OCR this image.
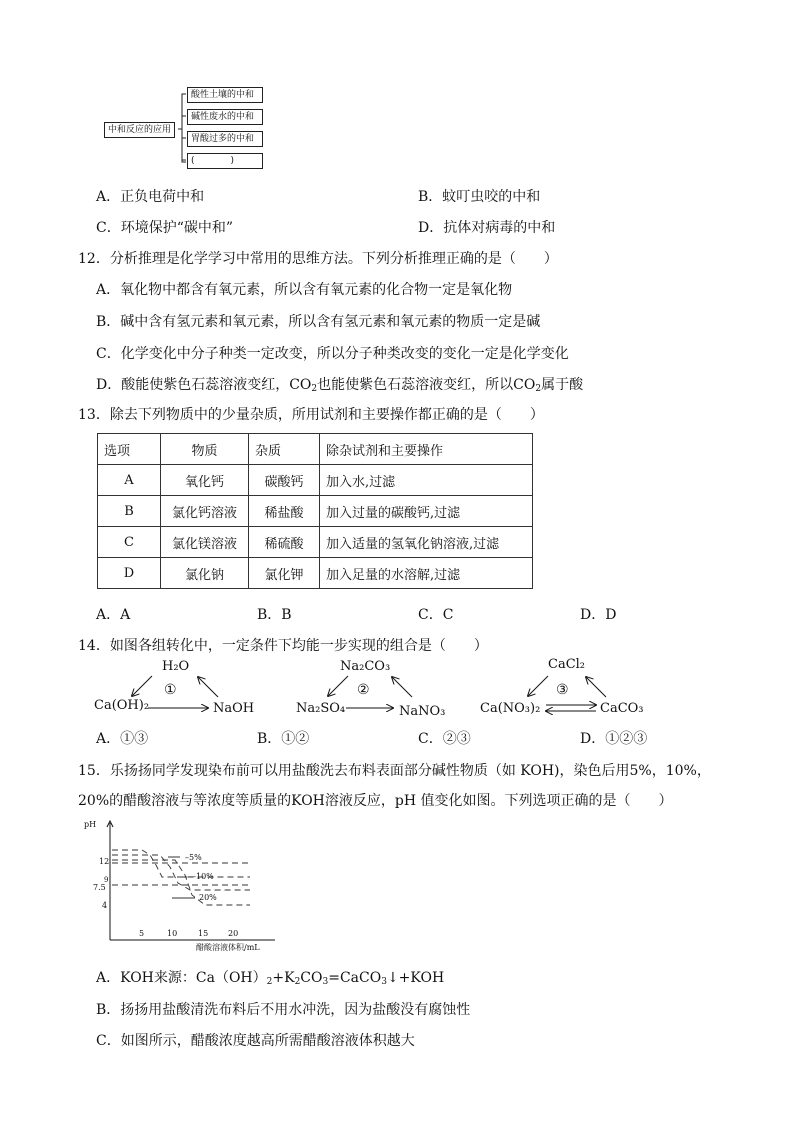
中和反应的应用
酸性土壤的中和
碱性废水的中和
胃酸过多的中和
(　　　　)
A．正负电荷中和	B．蚊叮虫咬的中和
C．环境保护“碳中和”	D．抗体对病毒的中和
12．分析推理是化学学习中常用的思维方法。下列分析推理正确的是（　　）
A．氧化物中都含有氧元素，所以含有氧元素的化合物一定是氧化物
B．碱中含有氢元素和氧元素，所以含有氢元素和氧元素的物质一定是碱
C．化学变化中分子种类一定改变，所以分子种类改变的变化一定是化学变化
D．酸能使紫色石蕊溶液变红，$CO_2$也能使紫色石蕊溶液变红，所以$CO_2$属于酸
13．除去下列物质中的少量杂质，所用试剂和主要操作都正确的是（　　）
选项	物质	杂质	除杂试剂和主要操作
A	氧化钙	碳酸钙	加入水,过滤
B	氯化钙溶液	稀盐酸	加入过量的碳酸钙,过滤
C	氯化镁溶液	稀硫酸	加入适量的氢氧化钠溶液,过滤
D	氯化钠	氯化钾	加入足量的水溶解,过滤
A．A	B．B	C．C	D．D
14．如图各组转化中，一定条件下均能一步实现的组合是（　　）
H₂O
①
Ca(OH)₂	NaOH
Na₂CO₃
②
Na₂SO₄	NaNO₃
CaCl₂
③
Ca(NO₃)₂	CaCO₃
A．①③	B．①②	C．②③	D．①②③
15．乐扬扬同学发现染布前可以用盐酸洗去布料表面部分碱性物质（如 KOH)，染色后用5%，10%，
20%的醋酸溶液与等浓度等质量的KOH溶液反应，pH 值变化如图。下列选项正确的是（　　）
pH
12
7.5
9
4
5	10	15 20
–5%
—10%
20%
醋酸溶液体积/mL
A．KOH来源：$Ca(OH)_2+K_2CO_3=CaCO_3↓+KOH$
B．扬扬用盐酸清洗布料后不用水冲洗，因为盐酸没有腐蚀性
C．如图所示，醋酸浓度越高所需醋酸溶液体积越大
